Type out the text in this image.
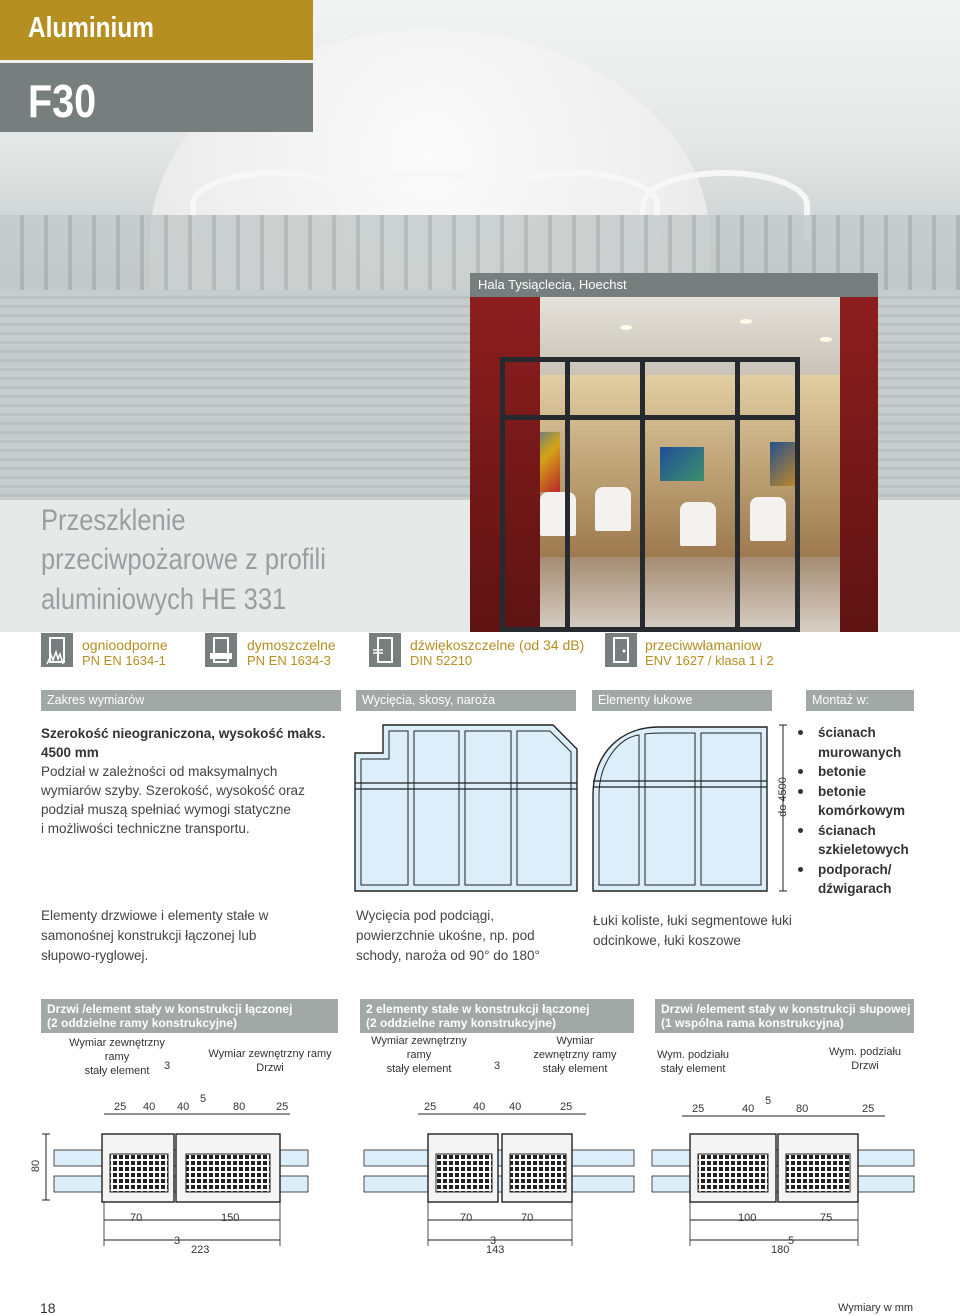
Aluminium
F30
Hala Tysiąclecia, Hoechst
Przeszklenie
przeciwpożarowe z profili
aluminiowych HE 331
ognioodporne
PN EN 1634-1
dymoszczelne
PN EN 1634-3
dźwiękoszczelne (od 34 dB)
DIN 52210
przeciwwłamaniow
ENV 1627 / klasa 1 i 2
Zakres wymiarów	Wycięcia, skosy, naroża	Elementy łukowe	Montaż w:
Szerokość nieograniczona, wysokość maks.
4500 mm
Podział w zależności od maksymalnych
wymiarów szyby. Szerokość, wysokość oraz
podział muszą spełniać wymogi statyczne
i możliwości techniczne transportu.
Elementy drzwiowe i elementy stałe w
samonośnej konstrukcji łączonej lub
słupowo-ryglowej.
Wycięcia pod podciągi,
powierzchnie ukośne, np. pod
schody, naroża od 90° do 180°
do 4500
Łuki koliste, łuki segmentowe łuki
odcinkowe, łuki koszowe
ścianach
murowanych
betonie
betonie
komórkowym
ścianach
szkieletowych
podporach/
dźwigarach
Drzwi /element stały w konstrukcji łączonej
(2 oddzielne ramy konstrukcyjne)
2 elementy stałe w konstrukcji łączonej
(2 oddzielne ramy konstrukcyjne)
Drzwi /element stały w konstrukcji słupowej
(1 wspólna rama konstrukcyjna)
Wymiar zewnętrzny
ramy
stały element	3
Wymiar zewnętrzny ramy
Drzwi
Wymiar zewnętrzny
ramy
stały element	3
Wymiar
zewnętrzny ramy
stały element
Wym. podziału
stały element
Wym. podziału
Drzwi
25 40 40
5
80	25	25	40 40	25	25	40
5
80	25
80
70	150
3
223
70	70
3
143
100	75
5
180
18	Wymiary w mm
